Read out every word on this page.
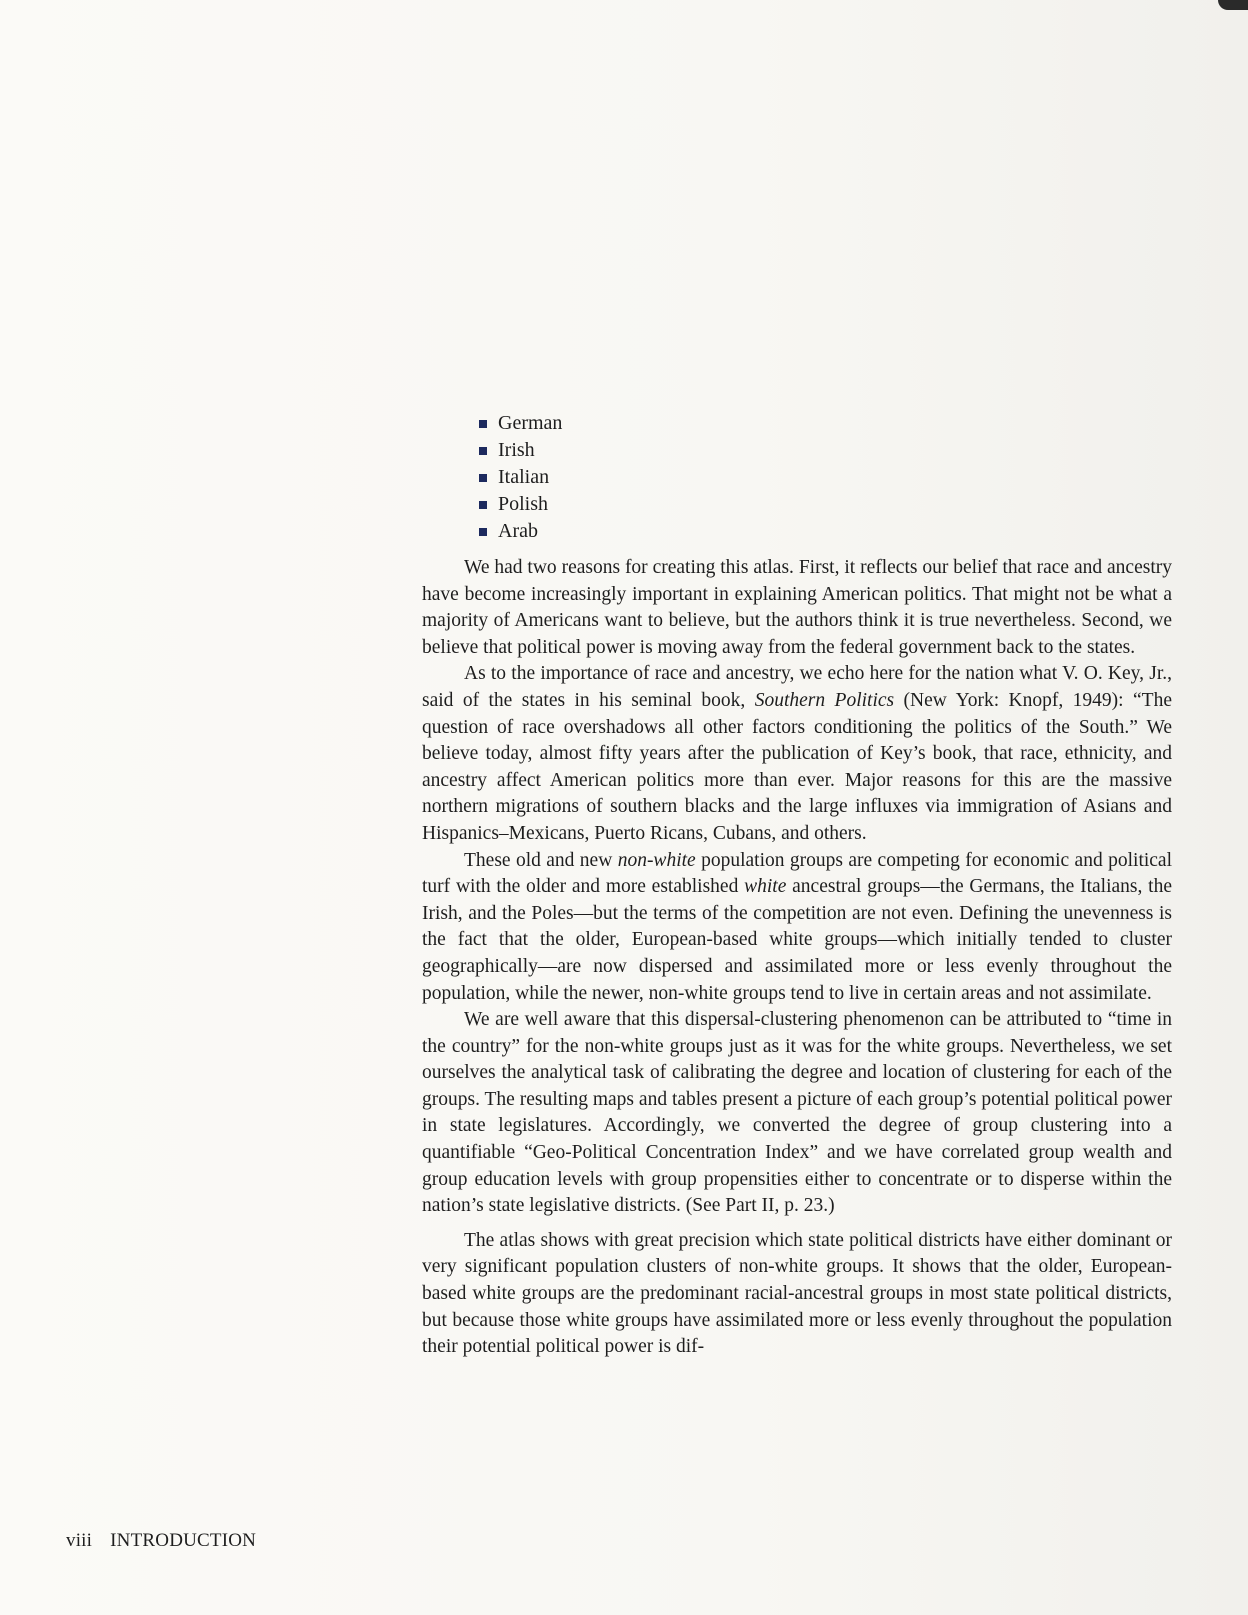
German
Irish
Italian
Polish
Arab

We had two reasons for creating this atlas. First, it reflects our belief that race and ancestry have become increasingly important in explaining American politics. That might not be what a majority of Americans want to believe, but the authors think it is true nevertheless. Second, we believe that political power is moving away from the federal government back to the states.

As to the importance of race and ancestry, we echo here for the nation what V. O. Key, Jr., said of the states in his seminal book, Southern Politics (New York: Knopf, 1949): “The question of race overshadows all other factors conditioning the politics of the South.” We believe today, almost fifty years after the publication of Key’s book, that race, ethnicity, and ancestry affect American politics more than ever. Major reasons for this are the massive northern migrations of southern blacks and the large influxes via immigration of Asians and Hispanics–Mexicans, Puerto Ricans, Cubans, and others.

These old and new non-white population groups are competing for economic and political turf with the older and more established white ancestral groups—the Germans, the Italians, the Irish, and the Poles—but the terms of the competition are not even. Defining the unevenness is the fact that the older, European-based white groups—which initially tended to cluster geographically—are now dispersed and assimilated more or less evenly throughout the population, while the newer, non-white groups tend to live in certain areas and not assimilate.

We are well aware that this dispersal-clustering phenomenon can be attributed to “time in the country” for the non-white groups just as it was for the white groups. Nevertheless, we set ourselves the analytical task of calibrating the degree and location of clustering for each of the groups. The resulting maps and tables present a picture of each group’s potential political power in state legislatures. Accordingly, we converted the degree of group clustering into a quantifiable “Geo-Political Concentration Index” and we have correlated group wealth and group education levels with group propensities either to concentrate or to disperse within the nation’s state legislative districts. (See Part II, p. 23.)

The atlas shows with great precision which state political districts have either dominant or very significant population clusters of non-white groups. It shows that the older, European-based white groups are the predominant racial-ancestral groups in most state political districts, but because those white groups have assimilated more or less evenly throughout the population their potential political power is dif-

viii INTRODUCTION
